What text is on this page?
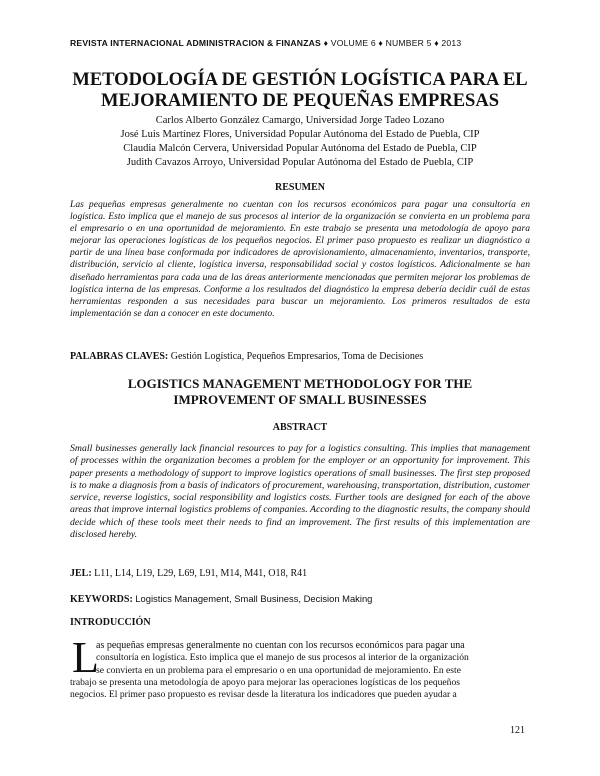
REVISTA INTERNACIONAL ADMINISTRACION & FINANZAS ♦ VOLUME 6 ♦ NUMBER 5 ♦ 2013
METODOLOGÍA DE GESTIÓN LOGÍSTICA PARA EL
MEJORAMIENTO DE PEQUEÑAS EMPRESAS
Carlos Alberto González Camargo, Universidad Jorge Tadeo Lozano
José Luis Martínez Flores, Universidad Popular Autónoma del Estado de Puebla, CIP
Claudia Malcón Cervera, Universidad Popular Autónoma del Estado de Puebla, CIP
Judith Cavazos Arroyo, Universidad Popular Autónoma del Estado de Puebla, CIP
RESUMEN
Las pequeñas empresas generalmente no cuentan con los recursos económicos para pagar una consultoría en logística. Esto implica que el manejo de sus procesos al interior de la organización se convierta en un problema para el empresario o en una oportunidad de mejoramiento. En este trabajo se presenta una metodología de apoyo para mejorar las operaciones logísticas de los pequeños negocios. El primer paso propuesto es realizar un diagnóstico a partir de una línea base conformada por indicadores de aprovisionamiento, almacenamiento, inventarios, transporte, distribución, servicio al cliente, logística inversa, responsabilidad social y costos logísticos. Adicionalmente se han diseñado herramientas para cada una de las áreas anteriormente mencionadas que permiten mejorar los problemas de logística interna de las empresas. Conforme a los resultados del diagnóstico la empresa debería decidir cuál de estas herramientas responden a sus necesidades para buscar un mejoramiento. Los primeros resultados de esta implementación se dan a conocer en este documento.
PALABRAS CLAVES: Gestión Logística, Pequeños Empresarios, Toma de Decisiones
LOGISTICS MANAGEMENT METHODOLOGY FOR THE
IMPROVEMENT OF SMALL BUSINESSES
ABSTRACT
Small businesses generally lack financial resources to pay for a logistics consulting. This implies that management of processes within the organization becomes a problem for the employer or an opportunity for improvement. This paper presents a methodology of support to improve logistics operations of small businesses. The first step proposed is to make a diagnosis from a basis of indicators of procurement, warehousing, transportation, distribution, customer service, reverse logistics, social responsibility and logistics costs. Further tools are designed for each of the above areas that improve internal logistics problems of companies. According to the diagnostic results, the company should decide which of these tools meet their needs to find an improvement. The first results of this implementation are disclosed hereby.
JEL: L11, L14, L19, L29, L69, L91, M14, M41, O18, R41
KEYWORDS: Logistics Management, Small Business, Decision Making
INTRODUCCIÓN
L
as pequeñas empresas generalmente no cuentan con los recursos económicos para pagar una
consultoría en logística. Esto implica que el manejo de sus procesos al interior de la organización
se convierta en un problema para el empresario o en una oportunidad de mejoramiento. En este
trabajo se presenta una metodología de apoyo para mejorar las operaciones logísticas de los pequeños
negocios. El primer paso propuesto es revisar desde la literatura los indicadores que pueden ayudar a
121
